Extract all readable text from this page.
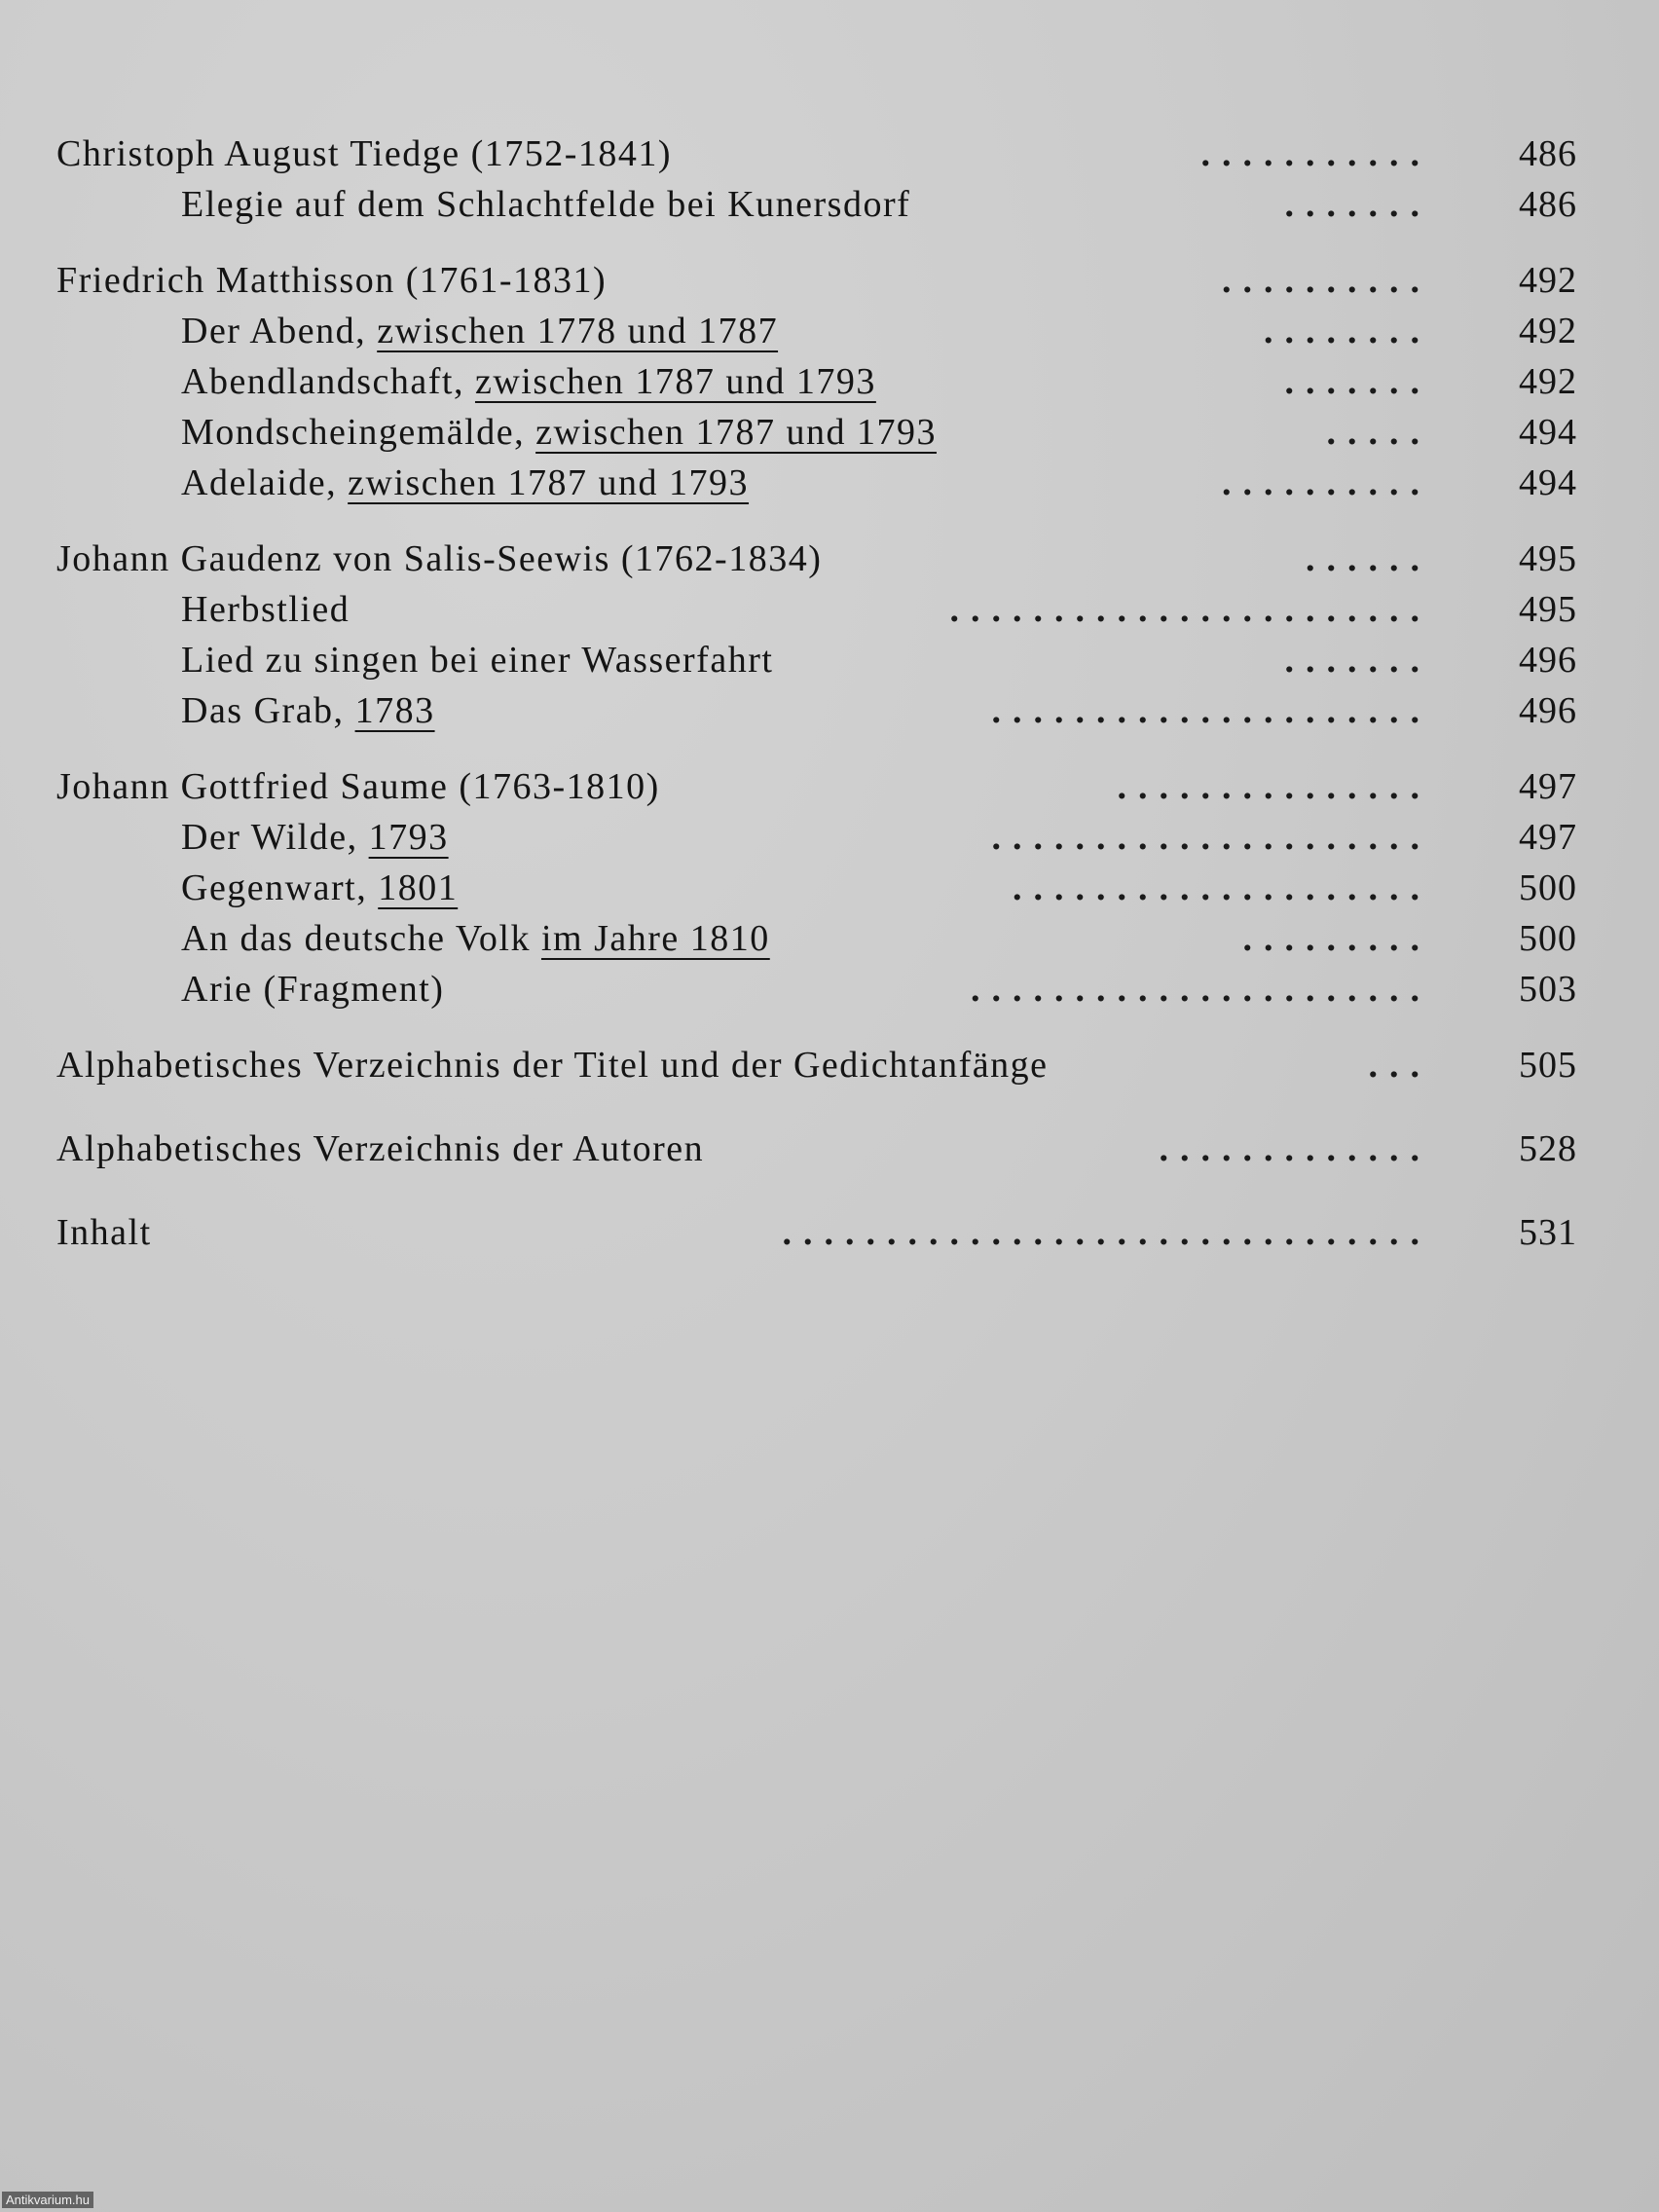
Christoph August Tiedge (1752-1841)	...........	486
Elegie auf dem Schlachtfelde bei Kunersdorf	.......	486
Friedrich Matthisson (1761-1831)	..........	492
Der Abend, zwischen 1778 und 1787	........	492
Abendlandschaft, zwischen 1787 und 1793	.......	492
Mondscheingemälde, zwischen 1787 und 1793	.....	494
Adelaide, zwischen 1787 und 1793	..........	494
Johann Gaudenz von Salis-Seewis (1762-1834)	......	495
Herbstlied	.......................	495
Lied zu singen bei einer Wasserfahrt	.......	496
Das Grab, 1783	.....................	496
Johann Gottfried Saume (1763-1810)	...............	497
Der Wilde, 1793	.....................	497
Gegenwart, 1801	....................	500
An das deutsche Volk im Jahre 1810	.........	500
Arie (Fragment)	......................	503
Alphabetisches Verzeichnis der Titel und der Gedichtanfänge	...	505
Alphabetisches Verzeichnis der Autoren	.............	528
Inhalt	...............................	531
Antikvarium.hu
